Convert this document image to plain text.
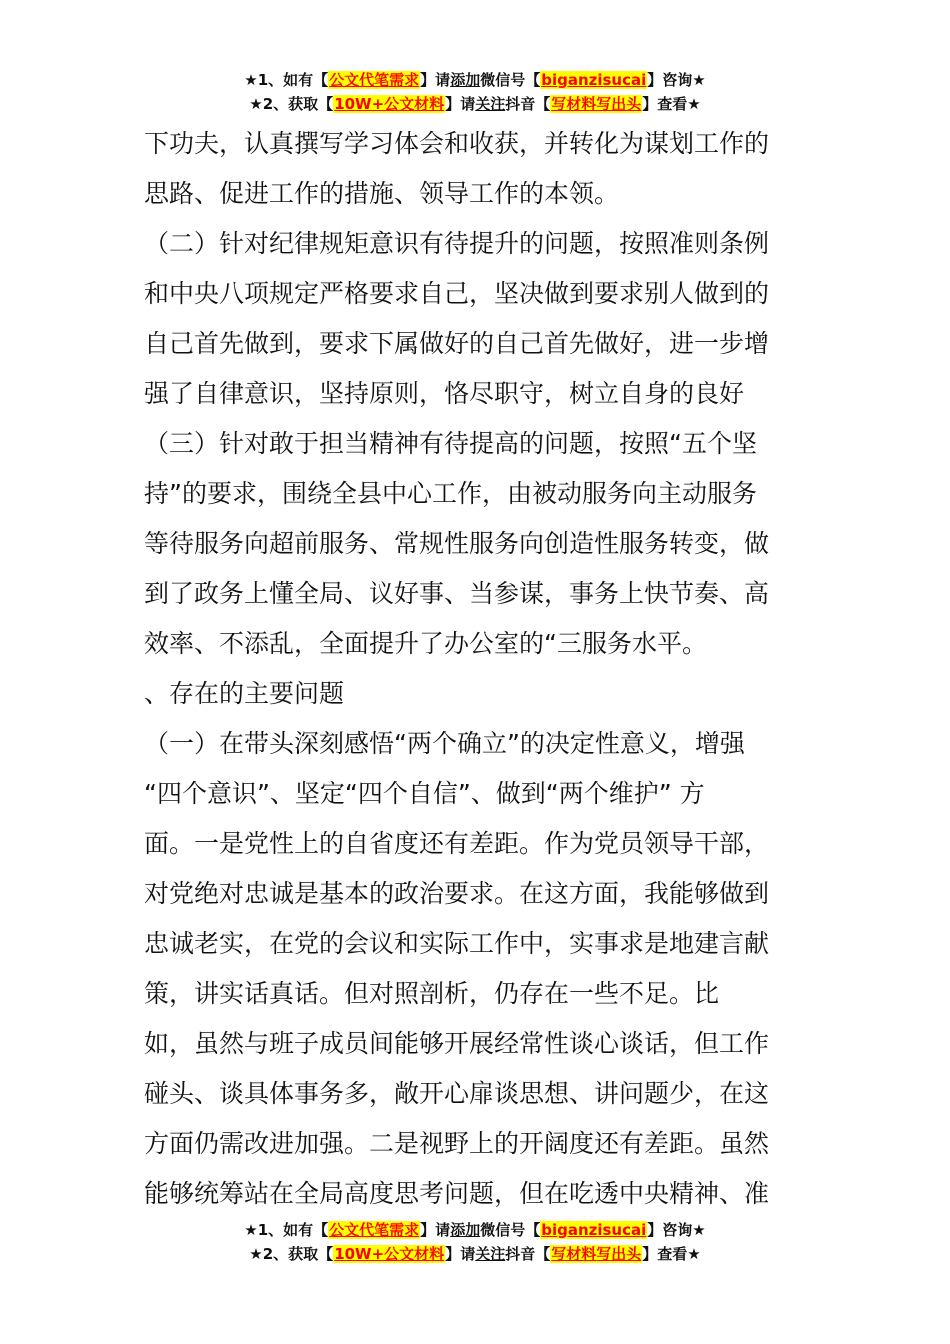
★1、如有【公文代笔需求】请添加微信号【biganzisucai】咨询★
★2、获取【10W+公文材料】请关注抖音【写材料写出头】查看★
下功夫，认真撰写学习体会和收获，并转化为谋划工作的
思路、促进工作的措施、领导工作的本领。
（二）针对纪律规矩意识有待提升的问题，按照准则条例
和中央八项规定严格要求自己，坚决做到要求别人做到的
自己首先做到，要求下属做好的自己首先做好，进一步增
强了自律意识，坚持原则，恪尽职守，树立自身的良好
（三）针对敢于担当精神有待提高的问题，按照“五个坚
持”的要求，围绕全县中心工作，由被动服务向主动服务
等待服务向超前服务、常规性服务向创造性服务转变，做
到了政务上懂全局、议好事、当参谋，事务上快节奏、高
效率、不添乱，全面提升了办公室的“三服务水平。
、存在的主要问题
（一）在带头深刻感悟“两个确立”的决定性意义，增强
“四个意识”、坚定“四个自信”、做到“两个维护” 方
面。一是党性上的自省度还有差距。作为党员领导干部，
对党绝对忠诚是基本的政治要求。在这方面，我能够做到
忠诚老实，在党的会议和实际工作中，实事求是地建言献
策，讲实话真话。但对照剖析，仍存在一些不足。比
如，虽然与班子成员间能够开展经常性谈心谈话，但工作
碰头、谈具体事务多，敞开心扉谈思想、讲问题少，在这
方面仍需改进加强。二是视野上的开阔度还有差距。虽然
能够统筹站在全局高度思考问题，但在吃透中央精神、准
★1、如有【公文代笔需求】请添加微信号【biganzisucai】咨询★
★2、获取【10W+公文材料】请关注抖音【写材料写出头】查看★
